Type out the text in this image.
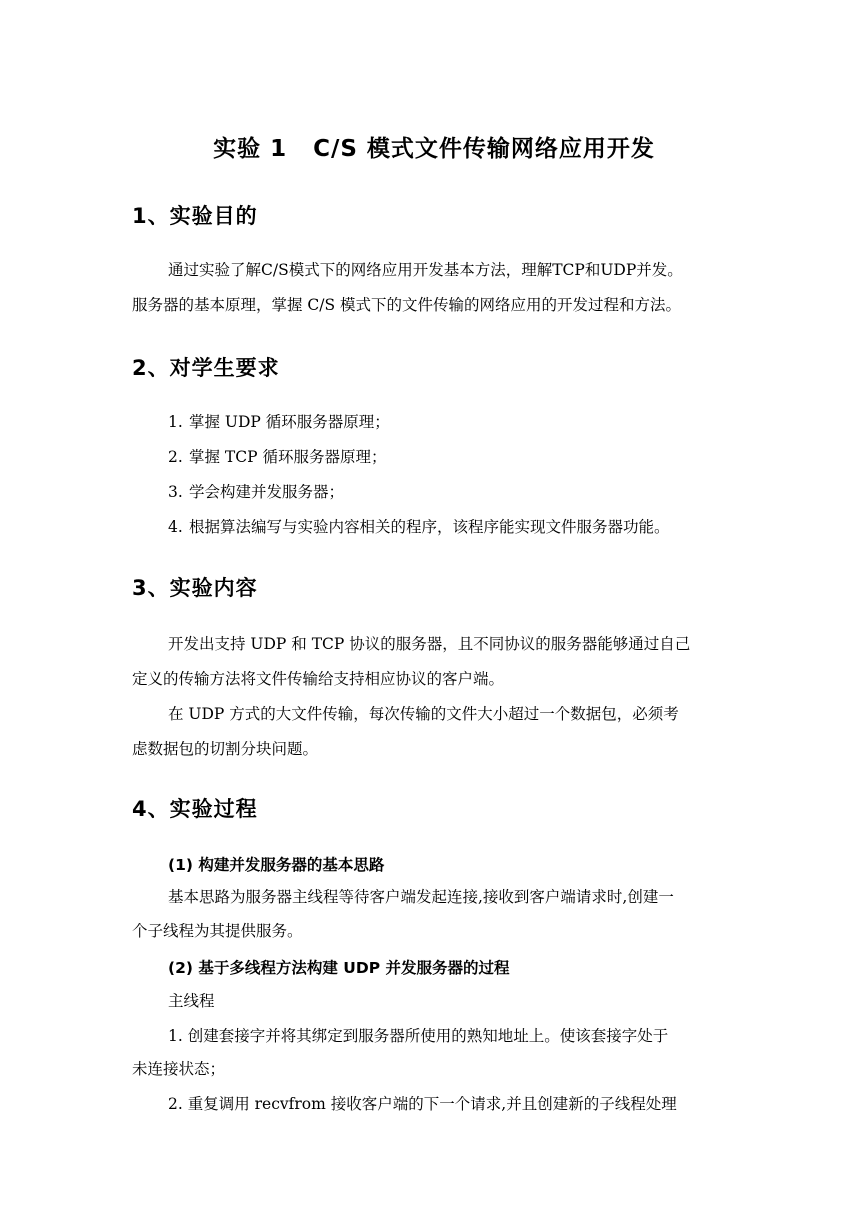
实验 1 C/S 模式文件传输网络应用开发
1、实验目的
通过实验了解C/S模式下的网络应用开发基本方法，理解TCP和UDP并发。
服务器的基本原理，掌握 C/S 模式下的文件传输的网络应用的开发过程和方法。
2、对学生要求
1. 掌握 UDP 循环服务器原理；
2. 掌握 TCP 循环服务器原理；
3. 学会构建并发服务器；
4. 根据算法编写与实验内容相关的程序，该程序能实现文件服务器功能。
3、实验内容
开发出支持 UDP 和 TCP 协议的服务器，且不同协议的服务器能够通过自己
定义的传输方法将文件传输给支持相应协议的客户端。
在 UDP 方式的大文件传输，每次传输的文件大小超过一个数据包，必须考
虑数据包的切割分块问题。
4、实验过程
(1) 构建并发服务器的基本思路
基本思路为服务器主线程等待客户端发起连接,接收到客户端请求时,创建一
个子线程为其提供服务。
(2) 基于多线程方法构建 UDP 并发服务器的过程
主线程
1. 创建套接字并将其绑定到服务器所使用的熟知地址上。使该套接字处于
未连接状态；
2. 重复调用 recvfrom 接收客户端的下一个请求,并且创建新的子线程处理
